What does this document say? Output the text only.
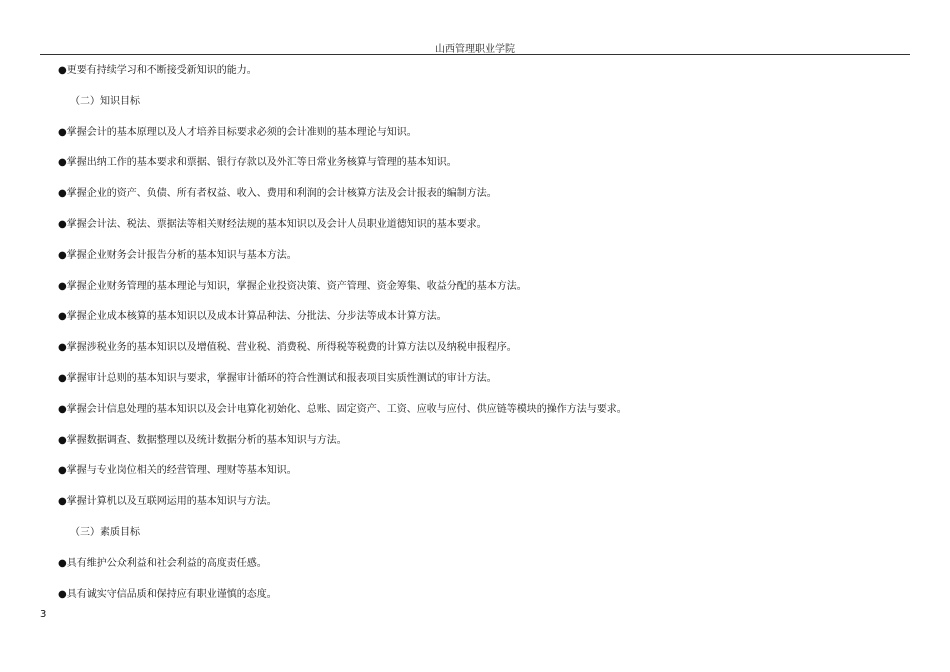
山西管理职业学院
●更要有持续学习和不断接受新知识的能力。
（二）知识目标
●掌握会计的基本原理以及人才培养目标要求必须的会计准则的基本理论与知识。
●掌握出纳工作的基本要求和票据、银行存款以及外汇等日常业务核算与管理的基本知识。
●掌握企业的资产、负债、所有者权益、收入、费用和利润的会计核算方法及会计报表的编制方法。
●掌握会计法、税法、票据法等相关财经法规的基本知识以及会计人员职业道德知识的基本要求。
●掌握企业财务会计报告分析的基本知识与基本方法。
●掌握企业财务管理的基本理论与知识，掌握企业投资决策、资产管理、资金筹集、收益分配的基本方法。
●掌握企业成本核算的基本知识以及成本计算品种法、分批法、分步法等成本计算方法。
●掌握涉税业务的基本知识以及增值税、营业税、消费税、所得税等税费的计算方法以及纳税申报程序。
●掌握审计总则的基本知识与要求，掌握审计循环的符合性测试和报表项目实质性测试的审计方法。
●掌握会计信息处理的基本知识以及会计电算化初始化、总账、固定资产、工资、应收与应付、供应链等模块的操作方法与要求。
●掌握数据调查、数据整理以及统计数据分析的基本知识与方法。
●掌握与专业岗位相关的经营管理、理财等基本知识。
●掌握计算机以及互联网运用的基本知识与方法。
（三）素质目标
●具有维护公众利益和社会利益的高度责任感。
●具有诚实守信品质和保持应有职业谨慎的态度。
3
